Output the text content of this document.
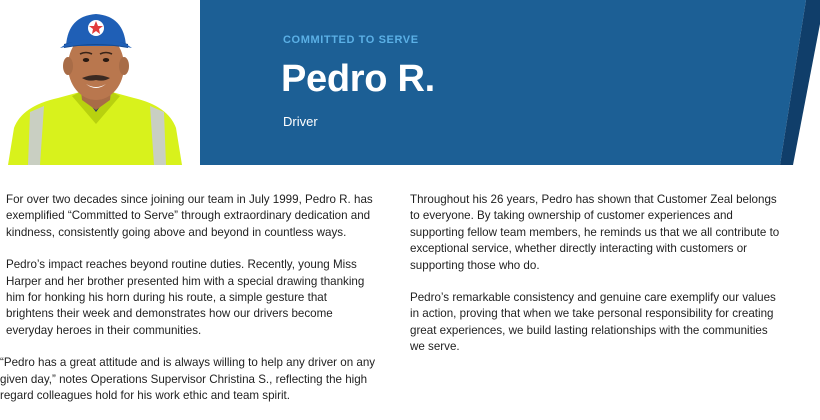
COMMITTED TO SERVE
Pedro R.
Driver

For over two decades since joining our team in July 1999, Pedro R. has exemplified “Committed to Serve” through extraordinary dedication and kindness, consistently going above and beyond in countless ways.

Pedro’s impact reaches beyond routine duties. Recently, young Miss Harper and her brother presented him with a special drawing thanking him for honking his horn during his route, a simple gesture that brightens their week and demonstrates how our drivers become everyday heroes in their communities.

“Pedro has a great attitude and is always willing to help any driver on any given day,” notes Operations Supervisor Christina S., reflecting the high regard colleagues hold for his work ethic and team spirit.

Throughout his 26 years, Pedro has shown that Customer Zeal belongs to everyone. By taking ownership of customer experiences and supporting fellow team members, he reminds us that we all contribute to exceptional service, whether directly interacting with customers or supporting those who do.

Pedro’s remarkable consistency and genuine care exemplify our values in action, proving that when we take personal responsibility for creating great experiences, we build lasting relationships with the communities we serve.
